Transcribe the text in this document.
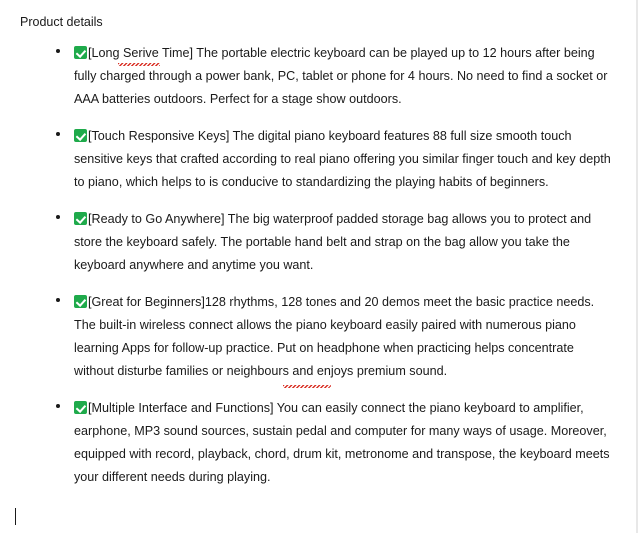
Product details
[Long Serive Time] The portable electric keyboard can be played up to 12 hours after being fully charged through a power bank, PC, tablet or phone for 4 hours. No need to find a socket or AAA batteries outdoors. Perfect for a stage show outdoors.
[Touch Responsive Keys] The digital piano keyboard features 88 full size smooth touch sensitive keys that crafted according to real piano offering you similar finger touch and key depth to piano, which helps to is conducive to standardizing the playing habits of beginners.
[Ready to Go Anywhere] The big waterproof padded storage bag allows you to protect and store the keyboard safely. The portable hand belt and strap on the bag allow you take the keyboard anywhere and anytime you want.
[Great for Beginners]128 rhythms, 128 tones and 20 demos meet the basic practice needs. The built-in wireless connect allows the piano keyboard easily paired with numerous piano learning Apps for follow-up practice. Put on headphone when practicing helps concentrate without disturbe families or neighbours and enjoys premium sound.
[Multiple Interface and Functions] You can easily connect the piano keyboard to amplifier, earphone, MP3 sound sources, sustain pedal and computer for many ways of usage. Moreover, equipped with record, playback, chord, drum kit, metronome and transpose, the keyboard meets your different needs during playing.
